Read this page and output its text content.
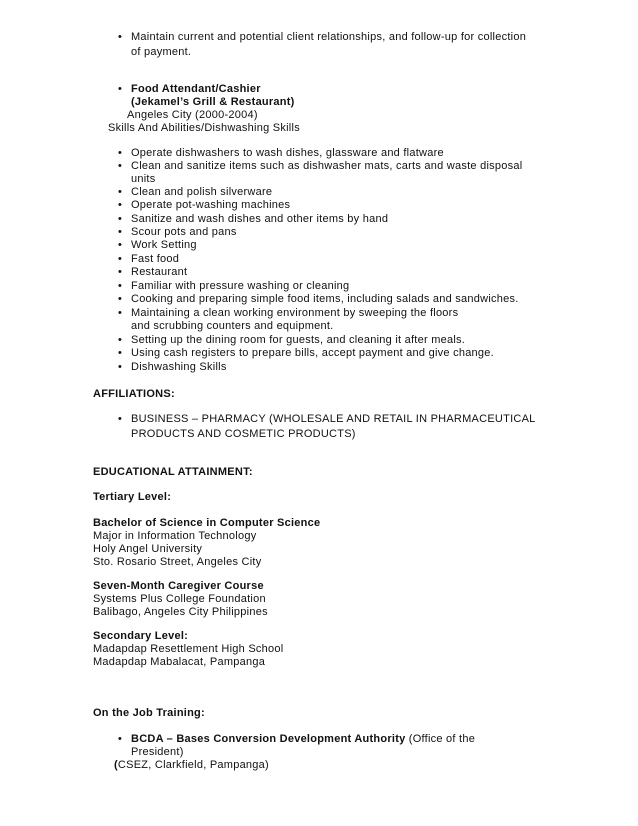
• Maintain current and potential client relationships, and follow-up for collection
of payment.
• Food Attendant/Cashier
(Jekamel’s Grill & Restaurant)
Angeles City (2000-2004)
Skills And Abilities/Dishwashing Skills
• Operate dishwashers to wash dishes, glassware and flatware
• Clean and sanitize items such as dishwasher mats, carts and waste disposal
units
• Clean and polish silverware
• Operate pot-washing machines
• Sanitize and wash dishes and other items by hand
• Scour pots and pans
• Work Setting
• Fast food
• Restaurant
• Familiar with pressure washing or cleaning
• Cooking and preparing simple food items, including salads and sandwiches.
• Maintaining a clean working environment by sweeping the floors
and scrubbing counters and equipment.
• Setting up the dining room for guests, and cleaning it after meals.
• Using cash registers to prepare bills, accept payment and give change.
• Dishwashing Skills
AFFILIATIONS:
• BUSINESS – PHARMACY (WHOLESALE AND RETAIL IN PHARMACEUTICAL
PRODUCTS AND COSMETIC PRODUCTS)
EDUCATIONAL ATTAINMENT:
Tertiary Level:
Bachelor of Science in Computer Science
Major in Information Technology
Holy Angel University
Sto. Rosario Street, Angeles City
Seven-Month Caregiver Course
Systems Plus College Foundation
Balibago, Angeles City Philippines
Secondary Level:
Madapdap Resettlement High School
Madapdap Mabalacat, Pampanga
On the Job Training:
• BCDA – Bases Conversion Development Authority (Office of the
President)
(CSEZ, Clarkfield, Pampanga)
